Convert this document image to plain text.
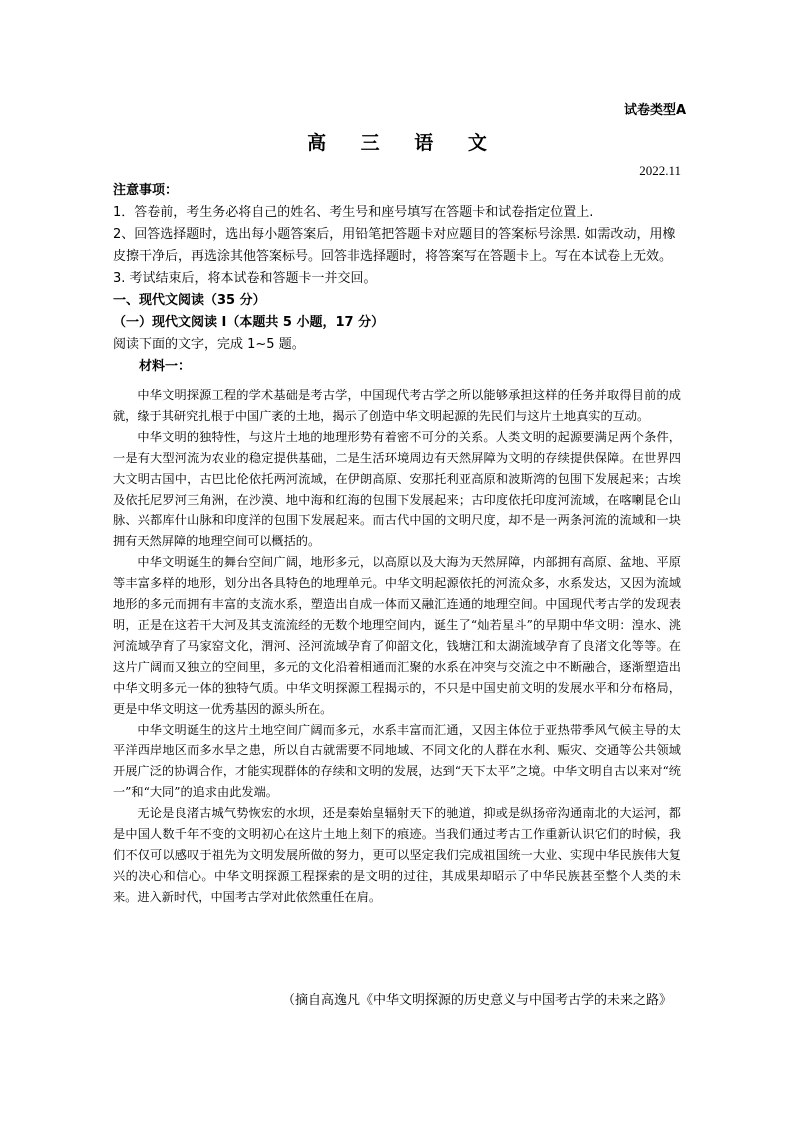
试卷类型A
高 三 语 文
2022.11

注意事项：

1．答卷前，考生务必将自己的姓名、考生号和座号填写在答题卡和试卷指定位置上.

2、回答选择题时，选出每小题答案后，用铅笔把答题卡对应题目的答案标号涂黑. 如需改动，用橡皮擦干净后，再选涂其他答案标号。回答非选择题时，将答案写在答题卡上。写在本试卷上无效。

3. 考试结束后，将本试卷和答题卡一并交回。

一、现代文阅读（35 分）

（一）现代文阅读 I（本题共 5 小题，17 分）

阅读下面的文字，完成 1~5 题。

材料一：

中华文明探源工程的学术基础是考古学，中国现代考古学之所以能够承担这样的任务并取得目前的成就，缘于其研究扎根于中国广袤的土地，揭示了创造中华文明起源的先民们与这片土地真实的互动。

中华文明的独特性，与这片土地的地理形势有着密不可分的关系。人类文明的起源要满足两个条件，一是有大型河流为农业的稳定提供基础，二是生活环境周边有天然屏障为文明的存续提供保障。在世界四大文明古国中，古巴比伦依托两河流域，在伊朗高原、安那托利亚高原和波斯湾的包围下发展起来；古埃及依托尼罗河三角洲，在沙漠、地中海和红海的包围下发展起来；古印度依托印度河流域，在喀喇昆仑山脉、兴都库什山脉和印度洋的包围下发展起来。而古代中国的文明尺度，却不是一两条河流的流域和一块拥有天然屏障的地理空间可以概括的。

中华文明诞生的舞台空间广阔，地形多元，以高原以及大海为天然屏障，内部拥有高原、盆地、平原等丰富多样的地形，划分出各具特色的地理单元。中华文明起源依托的河流众多，水系发达，又因为流域地形的多元而拥有丰富的支流水系，塑造出自成一体而又融汇连通的地理空间。中国现代考古学的发现表明，正是在这若干大河及其支流流经的无数个地理空间内，诞生了“灿若星斗”的早期中华文明：湟水、洮河流域孕育了马家窑文化，渭河、泾河流域孕育了仰韶文化，钱塘江和太湖流域孕育了良渚文化等等。在这片广阔而又独立的空间里，多元的文化沿着相通而汇聚的水系在冲突与交流之中不断融合，逐渐塑造出中华文明多元一体的独特气质。中华文明探源工程揭示的，不只是中国史前文明的发展水平和分布格局，更是中华文明这一优秀基因的源头所在。

中华文明诞生的这片土地空间广阔而多元，水系丰富而汇通，又因主体位于亚热带季风气候主导的太平洋西岸地区而多水旱之患，所以自古就需要不同地域、不同文化的人群在水利、赈灾、交通等公共领域开展广泛的协调合作，才能实现群体的存续和文明的发展，达到“天下太平”之境。中华文明自古以来对“统一”和“大同”的追求由此发端。

无论是良渚古城气势恢宏的水坝，还是秦始皇辐射天下的驰道，抑或是纵扬帝沟通南北的大运河，都是中国人数千年不变的文明初心在这片土地上刻下的痕迹。当我们通过考古工作重新认识它们的时候，我们不仅可以感叹于祖先为文明发展所做的努力，更可以坚定我们完成祖国统一大业、实现中华民族伟大复兴的决心和信心。中华文明探源工程探索的是文明的过往，其成果却昭示了中华民族甚至整个人类的未来。进入新时代，中国考古学对此依然重任在肩。

（摘自高逸凡《中华文明探源的历史意义与中国考古学的未来之路》
